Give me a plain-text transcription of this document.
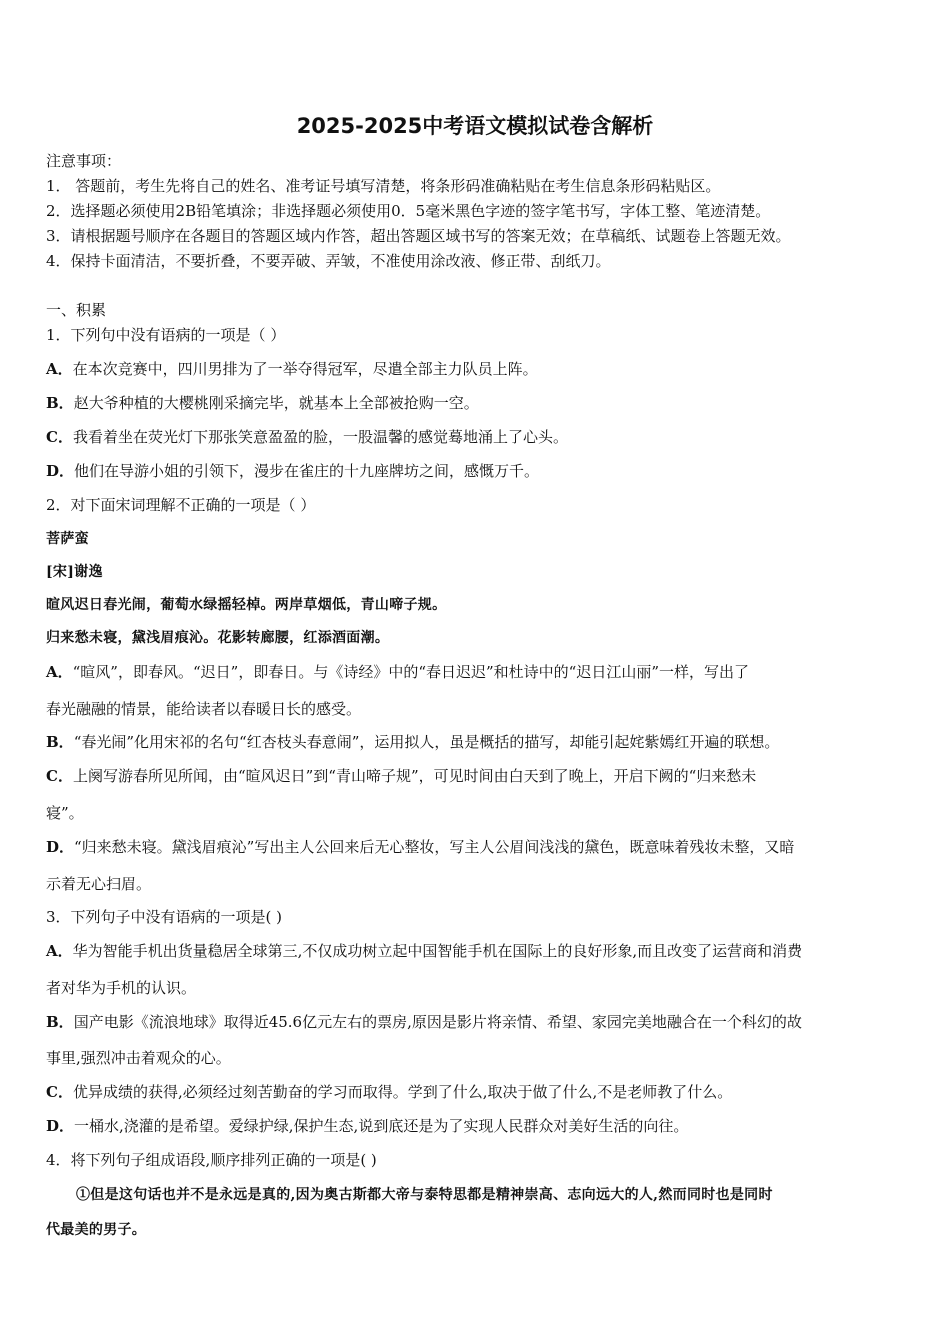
2025-2025中考语文模拟试卷含解析
注意事项：
1． 答题前，考生先将自己的姓名、准考证号填写清楚，将条形码准确粘贴在考生信息条形码粘贴区。
2．选择题必须使用2B铅笔填涂；非选择题必须使用0．5毫米黑色字迹的签字笔书写，字体工整、笔迹清楚。
3．请根据题号顺序在各题目的答题区域内作答，超出答题区域书写的答案无效；在草稿纸、试题卷上答题无效。
4．保持卡面清洁，不要折叠，不要弄破、弄皱，不准使用涂改液、修正带、刮纸刀。
一、积累
1．下列句中没有语病的一项是（ ）
A．在本次竞赛中，四川男排为了一举夺得冠军，尽遣全部主力队员上阵。
B．赵大爷种植的大樱桃刚采摘完毕，就基本上全部被抢购一空。
C．我看着坐在荧光灯下那张笑意盈盈的脸，一股温馨的感觉蓦地涌上了心头。
D．他们在导游小姐的引领下，漫步在雀庄的十九座牌坊之间，感慨万千。
2．对下面宋词理解不正确的一项是（ ）
菩萨蛮
[宋]谢逸
暄风迟日春光闹，葡萄水绿摇轻棹。两岸草烟低，青山啼子规。
归来愁未寝，黛浅眉痕沁。花影转廊腰，红添酒面潮。
A．“暄风”，即春风。“迟日”，即春日。与《诗经》中的“春日迟迟”和杜诗中的“迟日江山丽”一样，写出了
春光融融的情景，能给读者以春暖日长的感受。
B．“春光闹”化用宋祁的名句“红杏枝头春意闹”，运用拟人，虽是概括的描写，却能引起姹紫嫣红开遍的联想。
C．上阕写游春所见所闻，由“暄风迟日”到“青山啼子规”，可见时间由白天到了晚上，开启下阙的“归来愁未
寝”。
D．“归来愁未寝。黛浅眉痕沁”写出主人公回来后无心整妆，写主人公眉间浅浅的黛色，既意味着残妆未整，又暗
示着无心扫眉。
3．下列句子中没有语病的一项是( )
A．华为智能手机出货量稳居全球第三,不仅成功树立起中国智能手机在国际上的良好形象,而且改变了运营商和消费
者对华为手机的认识。
B．国产电影《流浪地球》取得近45.6亿元左右的票房,原因是影片将亲情、希望、家园完美地融合在一个科幻的故
事里,强烈冲击着观众的心。
C．优异成绩的获得,必须经过刻苦勤奋的学习而取得。学到了什么,取决于做了什么,不是老师教了什么。
D．一桶水,浇灌的是希望。爱绿护绿,保护生态,说到底还是为了实现人民群众对美好生活的向往。
4．将下列句子组成语段,顺序排列正确的一项是( )
①但是这句话也并不是永远是真的,因为奥古斯都大帝与泰特思都是精神崇高、志向远大的人,然而同时也是同时
代最美的男子。
